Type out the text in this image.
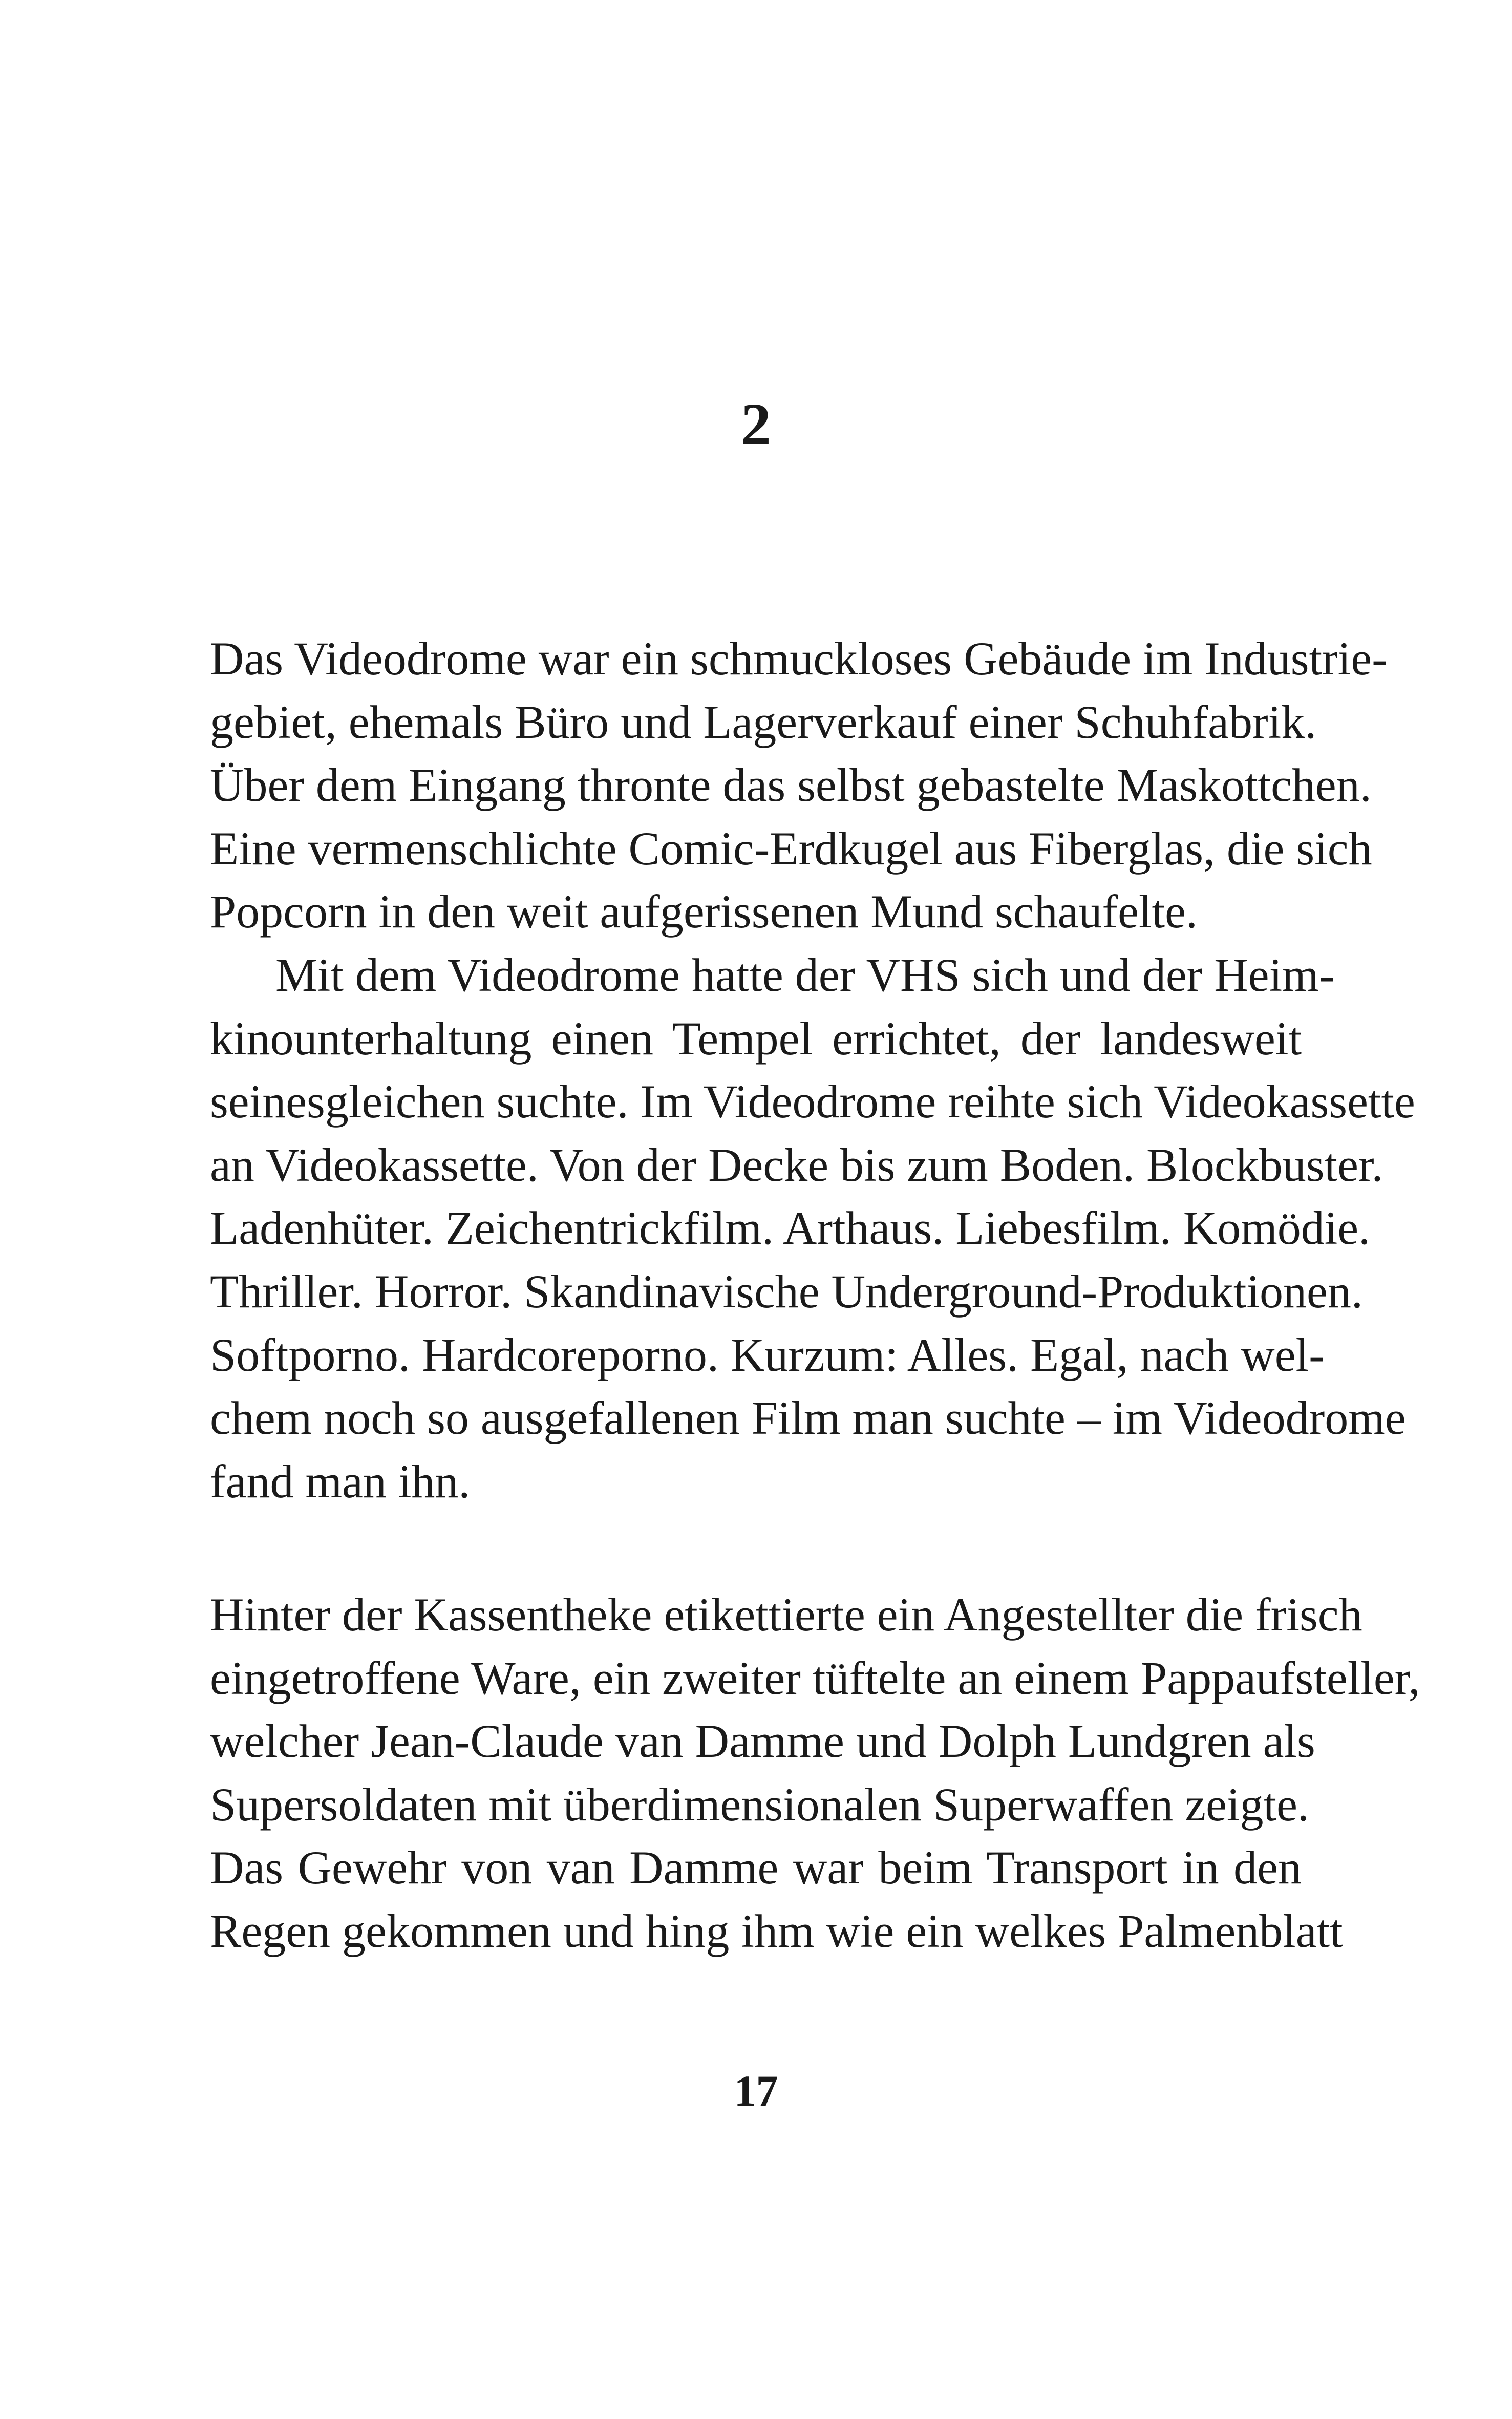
2
Das Videodrome war ein schmuckloses Gebäude im Industrie-
gebiet, ehemals Büro und Lagerverkauf einer Schuhfabrik.
Über dem Eingang thronte das selbst gebastelte Maskottchen.
Eine vermenschlichte Comic-Erdkugel aus Fiberglas, die sich
Popcorn in den weit aufgerissenen Mund schaufelte.
Mit dem Videodrome hatte der VHS sich und der Heim-
kinounterhaltung einen Tempel errichtet, der landesweit
seinesgleichen suchte. Im Videodrome reihte sich Videokassette
an Videokassette. Von der Decke bis zum Boden. Blockbuster.
Ladenhüter. Zeichentrickfilm. Arthaus. Liebesfilm. Komödie.
Thriller. Horror. Skandinavische Underground-Produktionen.
Softporno. Hardcoreporno. Kurzum: Alles. Egal, nach wel-
chem noch so ausgefallenen Film man suchte – im Videodrome
fand man ihn.
Hinter der Kassentheke etikettierte ein Angestellter die frisch
eingetroffene Ware, ein zweiter tüftelte an einem Pappaufsteller,
welcher Jean-Claude van Damme und Dolph Lundgren als
Supersoldaten mit überdimensionalen Superwaffen zeigte.
Das Gewehr von van Damme war beim Transport in den
Regen gekommen und hing ihm wie ein welkes Palmenblatt
17
